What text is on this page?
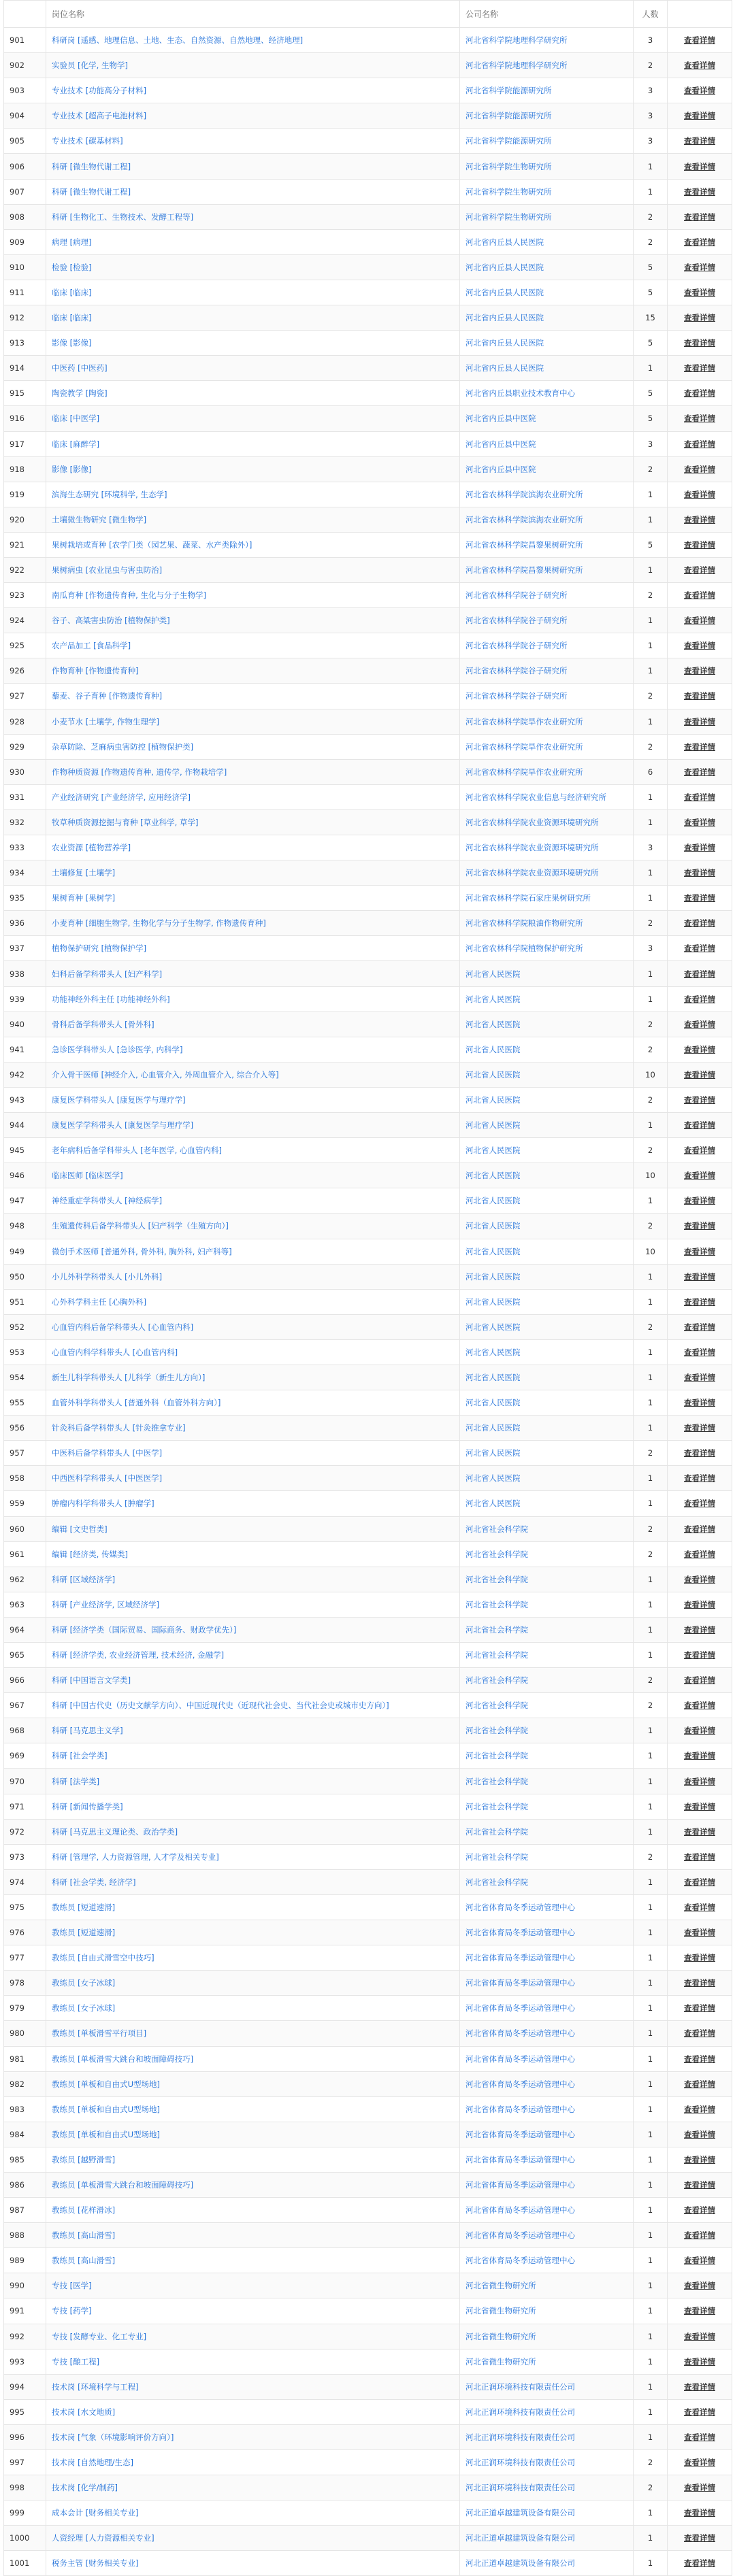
	岗位名称	公司名称	人数	
901	科研岗 [遥感、地理信息、土地、生态、自然资源、自然地理、经济地理]	河北省科学院地理科学研究所	3	查看详情
902	实验员 [化学, 生物学]	河北省科学院地理科学研究所	2	查看详情
903	专业技术 [功能高分子材料]	河北省科学院能源研究所	3	查看详情
904	专业技术 [超高子电池材料]	河北省科学院能源研究所	3	查看详情
905	专业技术 [碳基材料]	河北省科学院能源研究所	3	查看详情
906	科研 [微生物代谢工程]	河北省科学院生物研究所	1	查看详情
907	科研 [微生物代谢工程]	河北省科学院生物研究所	1	查看详情
908	科研 [生物化工、生物技术、发酵工程等]	河北省科学院生物研究所	2	查看详情
909	病理 [病理]	河北省内丘县人民医院	2	查看详情
910	检验 [检验]	河北省内丘县人民医院	5	查看详情
911	临床 [临床]	河北省内丘县人民医院	5	查看详情
912	临床 [临床]	河北省内丘县人民医院	15	查看详情
913	影像 [影像]	河北省内丘县人民医院	5	查看详情
914	中医药 [中医药]	河北省内丘县人民医院	1	查看详情
915	陶瓷教学 [陶瓷]	河北省内丘县职业技术教育中心	5	查看详情
916	临床 [中医学]	河北省内丘县中医院	5	查看详情
917	临床 [麻醉学]	河北省内丘县中医院	3	查看详情
918	影像 [影像]	河北省内丘县中医院	2	查看详情
919	滨海生态研究 [环境科学, 生态学]	河北省农林科学院滨海农业研究所	1	查看详情
920	土壤微生物研究 [微生物学]	河北省农林科学院滨海农业研究所	1	查看详情
921	果树栽培或育种 [农学门类（园艺果、蔬菜、水产类除外）]	河北省农林科学院昌黎果树研究所	5	查看详情
922	果树病虫 [农业昆虫与害虫防治]	河北省农林科学院昌黎果树研究所	1	查看详情
923	南瓜育种 [作物遗传育种, 生化与分子生物学]	河北省农林科学院谷子研究所	2	查看详情
924	谷子、高粱害虫防治 [植物保护类]	河北省农林科学院谷子研究所	1	查看详情
925	农产品加工 [食品科学]	河北省农林科学院谷子研究所	1	查看详情
926	作物育种 [作物遗传育种]	河北省农林科学院谷子研究所	1	查看详情
927	藜麦、谷子育种 [作物遗传育种]	河北省农林科学院谷子研究所	2	查看详情
928	小麦节水 [土壤学, 作物生理学]	河北省农林科学院旱作农业研究所	1	查看详情
929	杂草防除、芝麻病虫害防控 [植物保护类]	河北省农林科学院旱作农业研究所	2	查看详情
930	作物种质资源 [作物遗传育种, 遗传学, 作物栽培学]	河北省农林科学院旱作农业研究所	6	查看详情
931	产业经济研究 [产业经济学, 应用经济学]	河北省农林科学院农业信息与经济研究所	1	查看详情
932	牧草种质资源挖掘与育种 [草业科学, 草学]	河北省农林科学院农业资源环境研究所	1	查看详情
933	农业资源 [植物营养学]	河北省农林科学院农业资源环境研究所	3	查看详情
934	土壤修复 [土壤学]	河北省农林科学院农业资源环境研究所	1	查看详情
935	果树育种 [果树学]	河北省农林科学院石家庄果树研究所	1	查看详情
936	小麦育种 [细胞生物学, 生物化学与分子生物学, 作物遗传育种]	河北省农林科学院粮油作物研究所	2	查看详情
937	植物保护研究 [植物保护学]	河北省农林科学院植物保护研究所	3	查看详情
938	妇科后备学科带头人 [妇产科学]	河北省人民医院	1	查看详情
939	功能神经外科主任 [功能神经外科]	河北省人民医院	1	查看详情
940	骨科后备学科带头人 [骨外科]	河北省人民医院	2	查看详情
941	急诊医学科带头人 [急诊医学, 内科学]	河北省人民医院	2	查看详情
942	介入骨干医师 [神经介入, 心血管介入, 外周血管介入, 综合介入等]	河北省人民医院	10	查看详情
943	康复医学科带头人 [康复医学与理疗学]	河北省人民医院	2	查看详情
944	康复医学学科带头人 [康复医学与理疗学]	河北省人民医院	1	查看详情
945	老年病科后备学科带头人 [老年医学, 心血管内科]	河北省人民医院	2	查看详情
946	临床医师 [临床医学]	河北省人民医院	10	查看详情
947	神经重症学科带头人 [神经病学]	河北省人民医院	1	查看详情
948	生殖遗传科后备学科带头人 [妇产科学（生殖方向）]	河北省人民医院	2	查看详情
949	微创手术医师 [普通外科, 骨外科, 胸外科, 妇产科等]	河北省人民医院	10	查看详情
950	小儿外科学科带头人 [小儿外科]	河北省人民医院	1	查看详情
951	心外科学科主任 [心胸外科]	河北省人民医院	1	查看详情
952	心血管内科后备学科带头人 [心血管内科]	河北省人民医院	2	查看详情
953	心血管内科学科带头人 [心血管内科]	河北省人民医院	1	查看详情
954	新生儿科学科带头人 [儿科学（新生儿方向）]	河北省人民医院	1	查看详情
955	血管外科学科带头人 [普通外科（血管外科方向）]	河北省人民医院	1	查看详情
956	针灸科后备学科带头人 [针灸推拿专业]	河北省人民医院	1	查看详情
957	中医科后备学科带头人 [中医学]	河北省人民医院	2	查看详情
958	中西医科学科带头人 [中医医学]	河北省人民医院	1	查看详情
959	肿瘤内科学科带头人 [肿瘤学]	河北省人民医院	1	查看详情
960	编辑 [文史哲类]	河北省社会科学院	2	查看详情
961	编辑 [经济类, 传媒类]	河北省社会科学院	2	查看详情
962	科研 [区域经济学]	河北省社会科学院	1	查看详情
963	科研 [产业经济学, 区域经济学]	河北省社会科学院	1	查看详情
964	科研 [经济学类（国际贸易、国际商务、财政学优先）]	河北省社会科学院	1	查看详情
965	科研 [经济学类, 农业经济管理, 技术经济, 金融学]	河北省社会科学院	1	查看详情
966	科研 [中国语言文学类]	河北省社会科学院	2	查看详情
967	科研 [中国古代史（历史文献学方向）、中国近现代史（近现代社会史、当代社会史或城市史方向）]	河北省社会科学院	2	查看详情
968	科研 [马克思主义学]	河北省社会科学院	1	查看详情
969	科研 [社会学类]	河北省社会科学院	1	查看详情
970	科研 [法学类]	河北省社会科学院	1	查看详情
971	科研 [新闻传播学类]	河北省社会科学院	1	查看详情
972	科研 [马克思主义理论类、政治学类]	河北省社会科学院	1	查看详情
973	科研 [管理学, 人力资源管理, 人才学及相关专业]	河北省社会科学院	2	查看详情
974	科研 [社会学类, 经济学]	河北省社会科学院	1	查看详情
975	教练员 [短道速滑]	河北省体育局冬季运动管理中心	1	查看详情
976	教练员 [短道速滑]	河北省体育局冬季运动管理中心	1	查看详情
977	教练员 [自由式滑雪空中技巧]	河北省体育局冬季运动管理中心	1	查看详情
978	教练员 [女子冰球]	河北省体育局冬季运动管理中心	1	查看详情
979	教练员 [女子冰球]	河北省体育局冬季运动管理中心	1	查看详情
980	教练员 [单板滑雪平行项目]	河北省体育局冬季运动管理中心	1	查看详情
981	教练员 [单板滑雪大跳台和坡面障碍技巧]	河北省体育局冬季运动管理中心	1	查看详情
982	教练员 [单板和自由式U型场地]	河北省体育局冬季运动管理中心	1	查看详情
983	教练员 [单板和自由式U型场地]	河北省体育局冬季运动管理中心	1	查看详情
984	教练员 [单板和自由式U型场地]	河北省体育局冬季运动管理中心	1	查看详情
985	教练员 [越野滑雪]	河北省体育局冬季运动管理中心	1	查看详情
986	教练员 [单板滑雪大跳台和坡面障碍技巧]	河北省体育局冬季运动管理中心	1	查看详情
987	教练员 [花样滑冰]	河北省体育局冬季运动管理中心	1	查看详情
988	教练员 [高山滑雪]	河北省体育局冬季运动管理中心	1	查看详情
989	教练员 [高山滑雪]	河北省体育局冬季运动管理中心	1	查看详情
990	专技 [医学]	河北省微生物研究所	1	查看详情
991	专技 [药学]	河北省微生物研究所	1	查看详情
992	专技 [发酵专业、化工专业]	河北省微生物研究所	1	查看详情
993	专技 [酿工程]	河北省微生物研究所	1	查看详情
994	技术岗 [环境科学与工程]	河北正润环境科技有限责任公司	1	查看详情
995	技术岗 [水文地质]	河北正润环境科技有限责任公司	1	查看详情
996	技术岗 [气象（环境影响评价方向）]	河北正润环境科技有限责任公司	1	查看详情
997	技术岗 [自然地理/生态]	河北正润环境科技有限责任公司	2	查看详情
998	技术岗 [化学/制药]	河北正润环境科技有限责任公司	2	查看详情
999	成本会计 [财务相关专业]	河北正道卓越建筑设备有限公司	1	查看详情
1000	人资经理 [人力资源相关专业]	河北正道卓越建筑设备有限公司	1	查看详情
1001	税务主管 [财务相关专业]	河北正道卓越建筑设备有限公司	1	查看详情
